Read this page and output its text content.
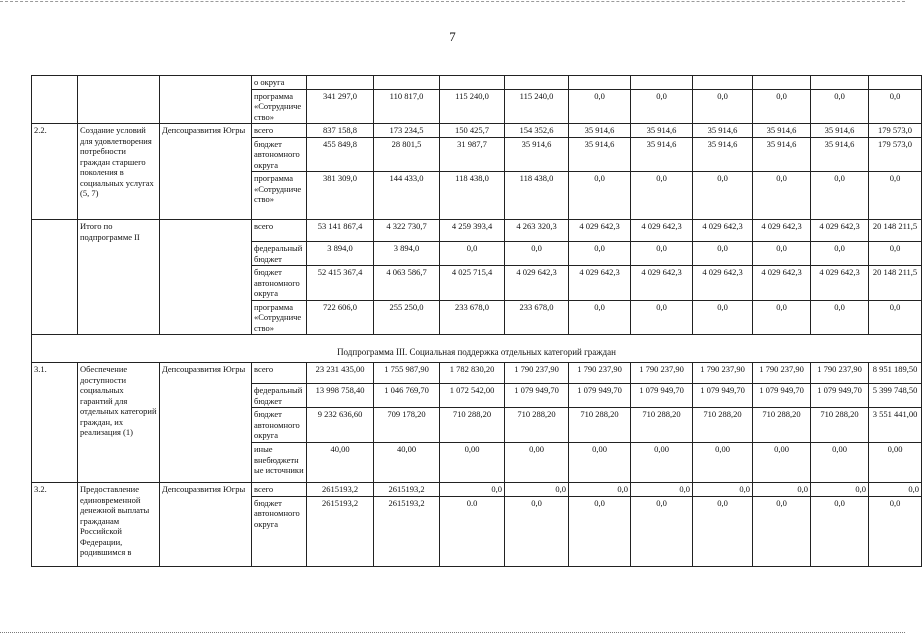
7
			о округа										
			программа «Сотрудничество»	341 297,0	110 817,0	115 240,0	115 240,0	0,0	0,0	0,0	0,0	0,0	0,0
2.2.	Создание условий для удовлетворения потребности граждан старшего поколения в социальных услугах (5, 7)	Депсоцразвития Югры	всего	837 158,8	173 234,5	150 425,7	154 352,6	35 914,6	35 914,6	35 914,6	35 914,6	35 914,6	179 573,0
			бюджет автономного округа	455 849,8	28 801,5	31 987,7	35 914,6	35 914,6	35 914,6	35 914,6	35 914,6	35 914,6	179 573,0
			программа «Сотрудничество»	381 309,0	144 433,0	118 438,0	118 438,0	0,0	0,0	0,0	0,0	0,0	0,0
	Итого по подпрограмме II		всего	53 141 867,4	4 322 730,7	4 259 393,4	4 263 320,3	4 029 642,3	4 029 642,3	4 029 642,3	4 029 642,3	4 029 642,3	20 148 211,5
			федеральный бюджет	3 894,0	3 894,0	0,0	0,0	0,0	0,0	0,0	0,0	0,0	0,0
			бюджет автономного округа	52 415 367,4	4 063 586,7	4 025 715,4	4 029 642,3	4 029 642,3	4 029 642,3	4 029 642,3	4 029 642,3	4 029 642,3	20 148 211,5
			программа «Сотрудничество»	722 606,0	255 250,0	233 678,0	233 678,0	0,0	0,0	0,0	0,0	0,0	0,0
Подпрограмма III. Социальная поддержка отдельных категорий граждан													
3.1.	Обеспечение доступности социальных гарантий для отдельных категорий граждан, их реализация (1)	Депсоцразвития Югры	всего	23 231 435,00	1 755 987,90	1 782 830,20	1 790 237,90	1 790 237,90	1 790 237,90	1 790 237,90	1 790 237,90	1 790 237,90	8 951 189,50
			федеральный бюджет	13 998 758,40	1 046 769,70	1 072 542,00	1 079 949,70	1 079 949,70	1 079 949,70	1 079 949,70	1 079 949,70	1 079 949,70	5 399 748,50
			бюджет автономного округа	9 232 636,60	709 178,20	710 288,20	710 288,20	710 288,20	710 288,20	710 288,20	710 288,20	710 288,20	3 551 441,00
			иные внебюджетные источники	40,00	40,00	0,00	0,00	0,00	0,00	0,00	0,00	0,00	0,00
3.2.	Предоставление единовременной денежной выплаты гражданам Российской Федерации, родившимся в	Депсоцразвития Югры	всего	2615193,2	2615193,2	0,0	0,0	0,0	0,0	0,0	0,0	0,0	0,0
			бюджет автономного округа	2615193,2	2615193,2	0.0	0,0	0,0	0,0	0,0	0,0	0,0	0,0
